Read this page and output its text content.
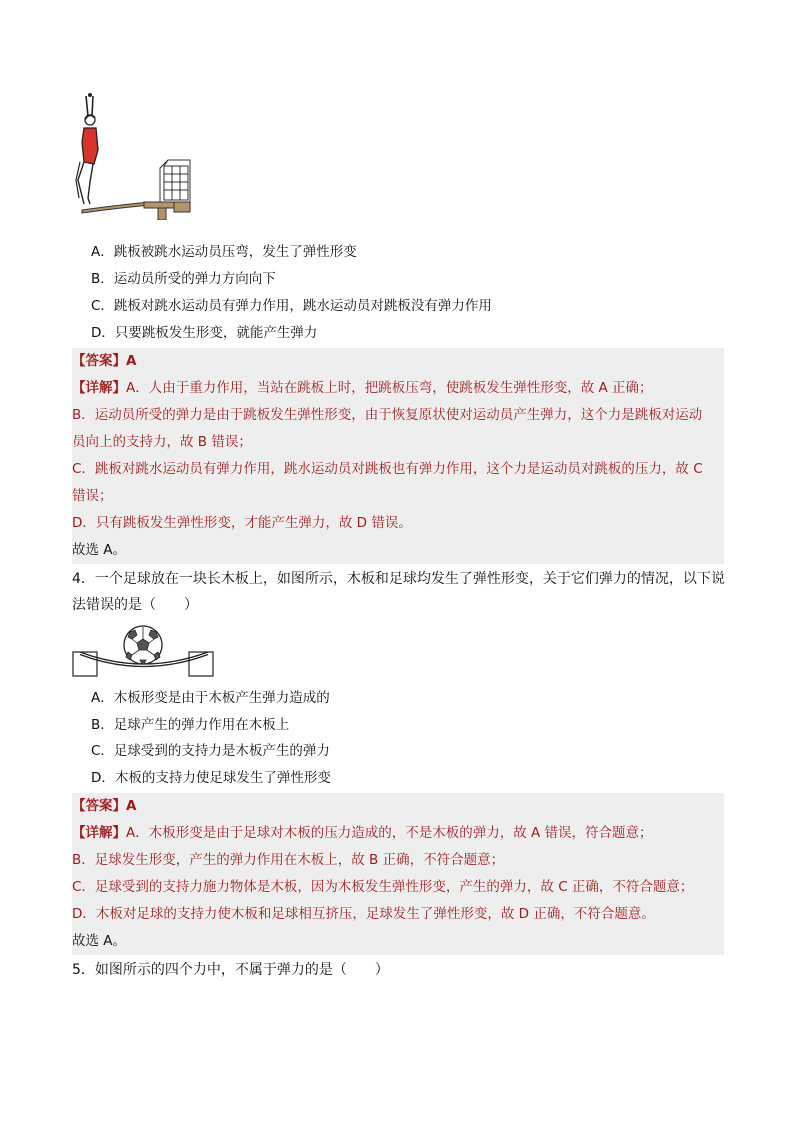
A．跳板被跳水运动员压弯，发生了弹性形变
B．运动员所受的弹力方向向下
C．跳板对跳水运动员有弹力作用，跳水运动员对跳板没有弹力作用
D．只要跳板发生形变，就能产生弹力
【答案】A
【详解】A．人由于重力作用，当站在跳板上时，把跳板压弯，使跳板发生弹性形变，故 A 正确；
B．运动员所受的弹力是由于跳板发生弹性形变，由于恢复原状使对运动员产生弹力，这个力是跳板对运动
员向上的支持力，故 B 错误；
C．跳板对跳水运动员有弹力作用，跳水运动员对跳板也有弹力作用，这个力是运动员对跳板的压力，故 C
错误；
D．只有跳板发生弹性形变，才能产生弹力，故 D 错误。
故选 A。
4．一个足球放在一块长木板上，如图所示，木板和足球均发生了弹性形变，关于它们弹力的情况，以下说
法错误的是（　　）
A．木板形变是由于木板产生弹力造成的
B．足球产生的弹力作用在木板上
C．足球受到的支持力是木板产生的弹力
D．木板的支持力使足球发生了弹性形变
【答案】A
【详解】A．木板形变是由于足球对木板的压力造成的，不是木板的弹力，故 A 错误，符合题意；
B．足球发生形变，产生的弹力作用在木板上，故 B 正确，不符合题意；
C．足球受到的支持力施力物体是木板，因为木板发生弹性形变，产生的弹力，故 C 正确，不符合题意；
D．木板对足球的支持力使木板和足球相互挤压，足球发生了弹性形变，故 D 正确，不符合题意。
故选 A。
5．如图所示的四个力中，不属于弹力的是（　　）
